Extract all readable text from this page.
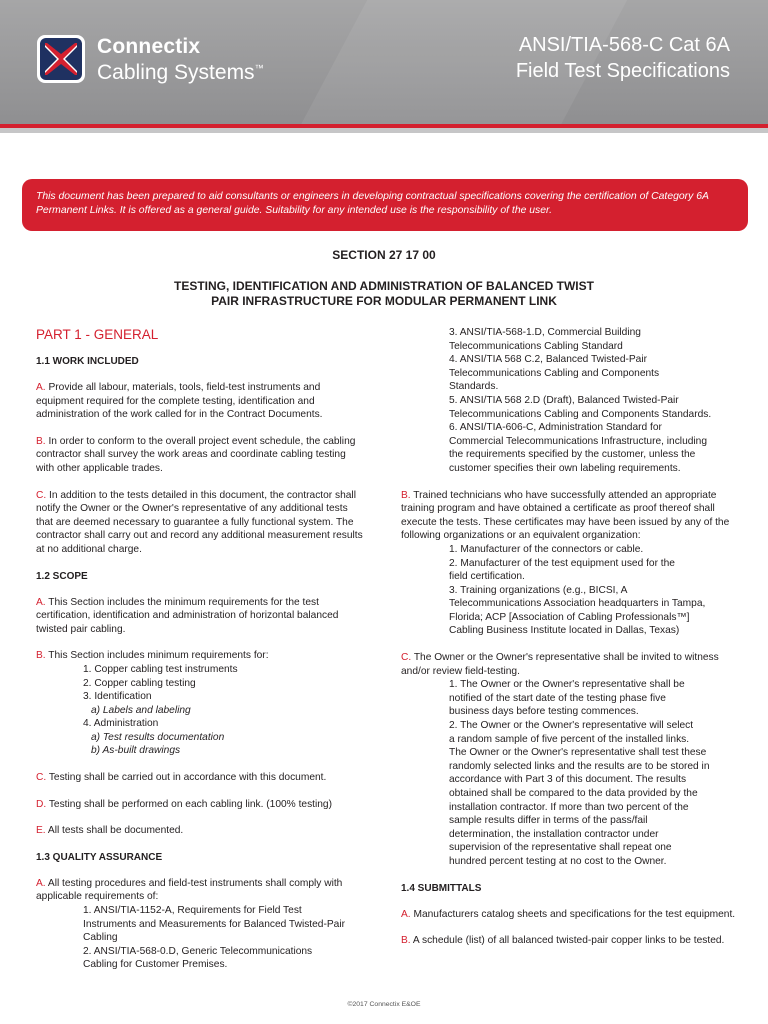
Connectix
Cabling Systems™
ANSI/TIA-568-C Cat 6A
Field Test Specifications
This document has been prepared to aid consultants or engineers in developing contractual specifications covering the certification of Category 6A Permanent Links. It is offered as a general guide. Suitability for any intended use is the responsibility of the user.
SECTION 27 17 00
TESTING, IDENTIFICATION AND ADMINISTRATION OF BALANCED TWIST
PAIR INFRASTRUCTURE FOR MODULAR PERMANENT LINK
PART 1 - GENERAL
1.1 WORK INCLUDED
A. Provide all labour, materials, tools, field-test instruments and equipment required for the complete testing, identification and administration of the work called for in the Contract Documents.
B. In order to conform to the overall project event schedule, the cabling contractor shall survey the work areas and coordinate cabling testing with other applicable trades.
C. In addition to the tests detailed in this document, the contractor shall notify the Owner or the Owner's representative of any additional tests that are deemed necessary to guarantee a fully functional system. The contractor shall carry out and record any additional measurement results at no additional charge.
1.2 SCOPE
A. This Section includes the minimum requirements for the test certification, identification and administration of horizontal balanced twisted pair cabling.
B. This Section includes minimum requirements for:
1. Copper cabling test instruments
2. Copper cabling testing
3. Identification
a) Labels and labeling
4. Administration
a) Test results documentation
b) As-built drawings
C. Testing shall be carried out in accordance with this document.
D. Testing shall be performed on each cabling link. (100% testing)
E. All tests shall be documented.
1.3 QUALITY ASSURANCE
A. All testing procedures and field-test instruments shall comply with applicable requirements of:
1. ANSI/TIA-1152-A, Requirements for Field Test
Instruments and Measurements for Balanced Twisted-Pair
Cabling
2. ANSI/TIA-568-0.D, Generic Telecommunications
Cabling for Customer Premises.
3. ANSI/TIA-568-1.D, Commercial Building
Telecommunications Cabling Standard
4. ANSI/TIA 568 C.2, Balanced Twisted-Pair
Telecommunications Cabling and Components
Standards.
5. ANSI/TIA 568 2.D (Draft), Balanced Twisted-Pair
Telecommunications Cabling and Components Standards.
6. ANSI/TIA-606-C, Administration Standard for
Commercial Telecommunications Infrastructure, including
the requirements specified by the customer, unless the
customer specifies their own labeling requirements.
B. Trained technicians who have successfully attended an appropriate training program and have obtained a certificate as proof thereof shall execute the tests. These certificates may have been issued by any of the following organizations or an equivalent organization:
1. Manufacturer of the connectors or cable.
2. Manufacturer of the test equipment used for the
field certification.
3. Training organizations (e.g., BICSI, A
Telecommunications Association headquarters in Tampa,
Florida; ACP [Association of Cabling Professionals™]
Cabling Business Institute located in Dallas, Texas)
C. The Owner or the Owner's representative shall be invited to witness and/or review field-testing.
1. The Owner or the Owner's representative shall be
notified of the start date of the testing phase five
business days before testing commences.
2. The Owner or the Owner's representative will select
a random sample of five percent of the installed links.
The Owner or the Owner's representative shall test these
randomly selected links and the results are to be stored in
accordance with Part 3 of this document. The results
obtained shall be compared to the data provided by the
installation contractor. If more than two percent of the
sample results differ in terms of the pass/fail
determination, the installation contractor under
supervision of the representative shall repeat one
hundred percent testing at no cost to the Owner.
1.4 SUBMITTALS
A. Manufacturers catalog sheets and specifications for the test equipment.
B. A schedule (list) of all balanced twisted-pair copper links to be tested.
©2017 Connectix E&OE
